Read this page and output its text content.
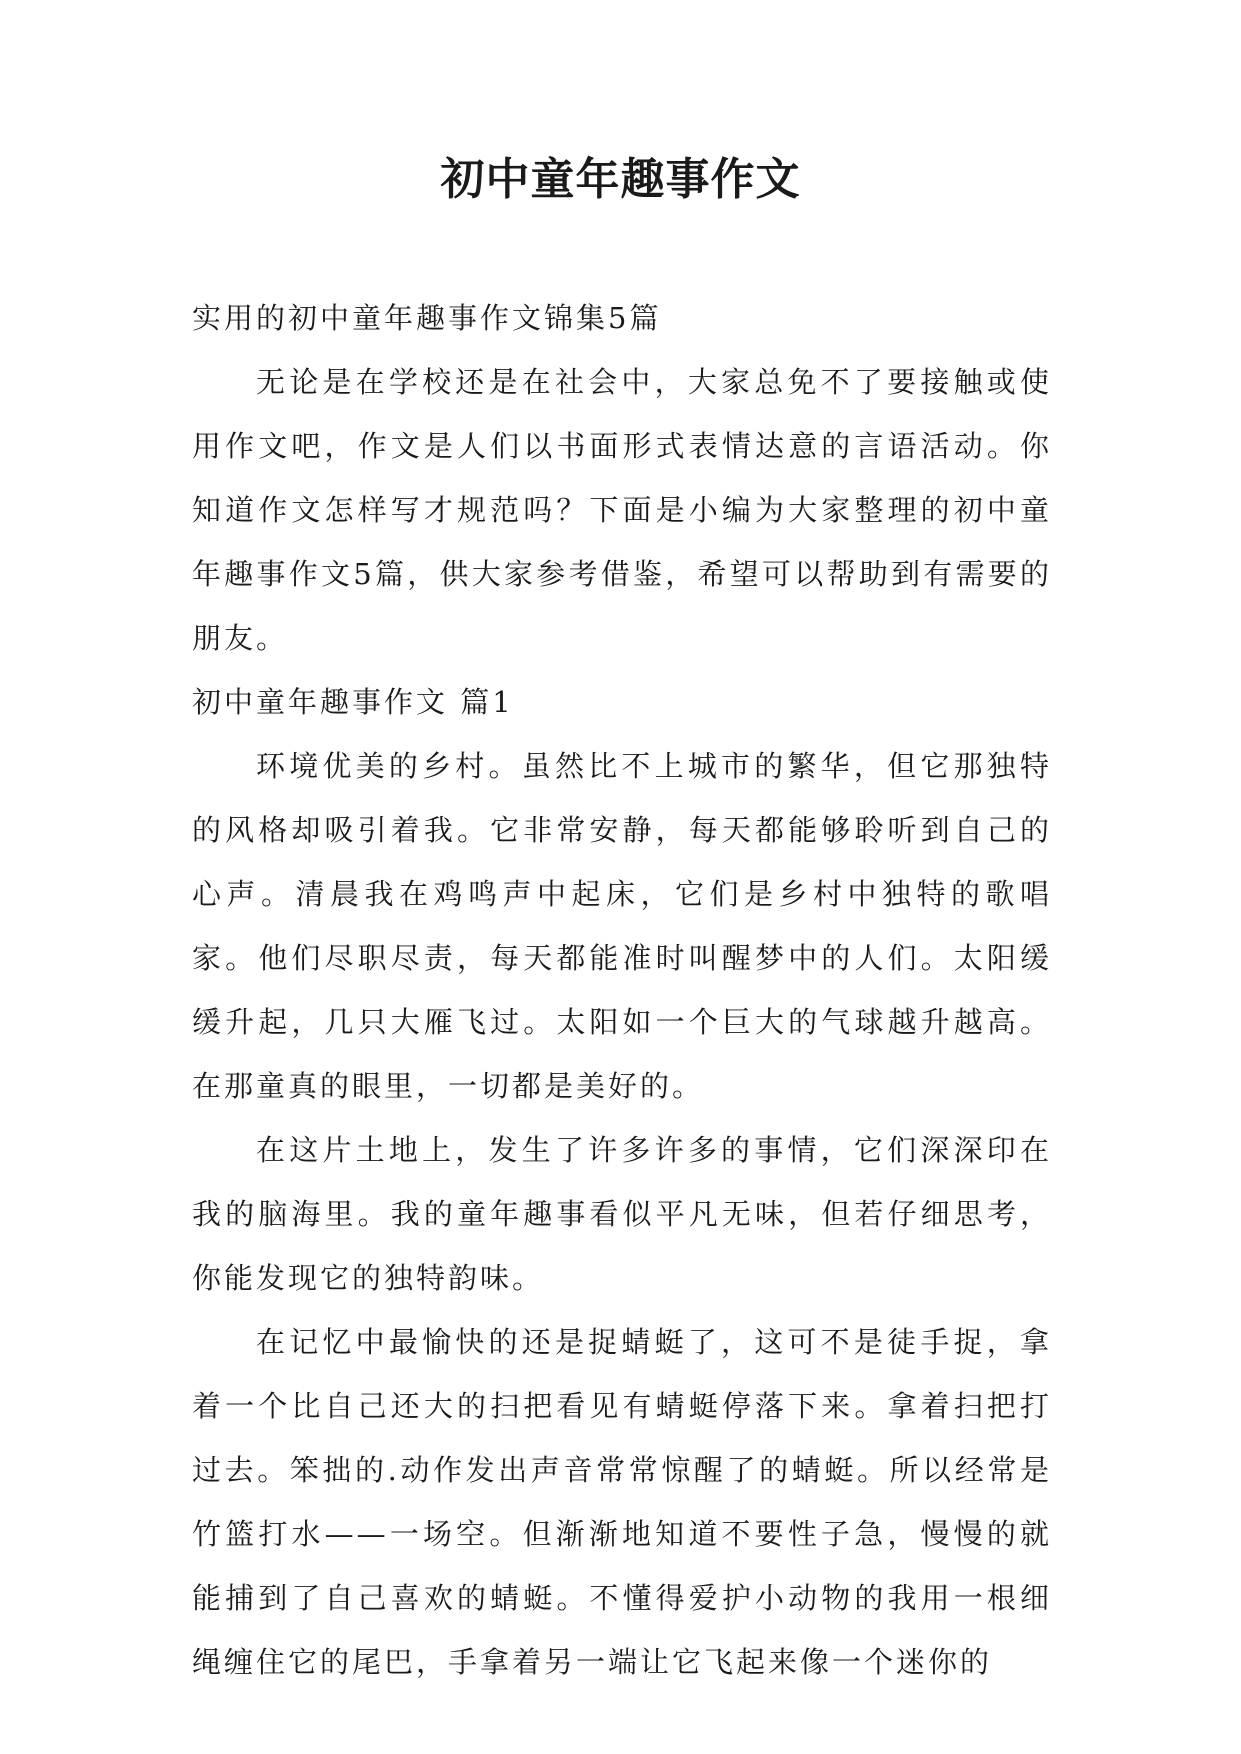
初中童年趣事作文

实用的初中童年趣事作文锦集5篇

无论是在学校还是在社会中，大家总免不了要接触或使用作文吧，作文是人们以书面形式表情达意的言语活动。你知道作文怎样写才规范吗？下面是小编为大家整理的初中童年趣事作文5篇，供大家参考借鉴，希望可以帮助到有需要的朋友。

初中童年趣事作文 篇1

环境优美的乡村。虽然比不上城市的繁华，但它那独特的风格却吸引着我。它非常安静，每天都能够聆听到自己的心声。清晨我在鸡鸣声中起床，它们是乡村中独特的歌唱家。他们尽职尽责，每天都能准时叫醒梦中的人们。太阳缓缓升起，几只大雁飞过。太阳如一个巨大的气球越升越高。在那童真的眼里，一切都是美好的。

在这片土地上，发生了许多许多的事情，它们深深印在我的脑海里。我的童年趣事看似平凡无味，但若仔细思考，你能发现它的独特韵味。

在记忆中最愉快的还是捉蜻蜓了，这可不是徒手捉，拿着一个比自己还大的扫把看见有蜻蜓停落下来。拿着扫把打过去。笨拙的.动作发出声音常常惊醒了的蜻蜓。所以经常是竹篮打水——一场空。但渐渐地知道不要性子急，慢慢的就能捕到了自己喜欢的蜻蜓。不懂得爱护小动物的我用一根细绳缠住它的尾巴，手拿着另一端让它飞起来像一个迷你的
